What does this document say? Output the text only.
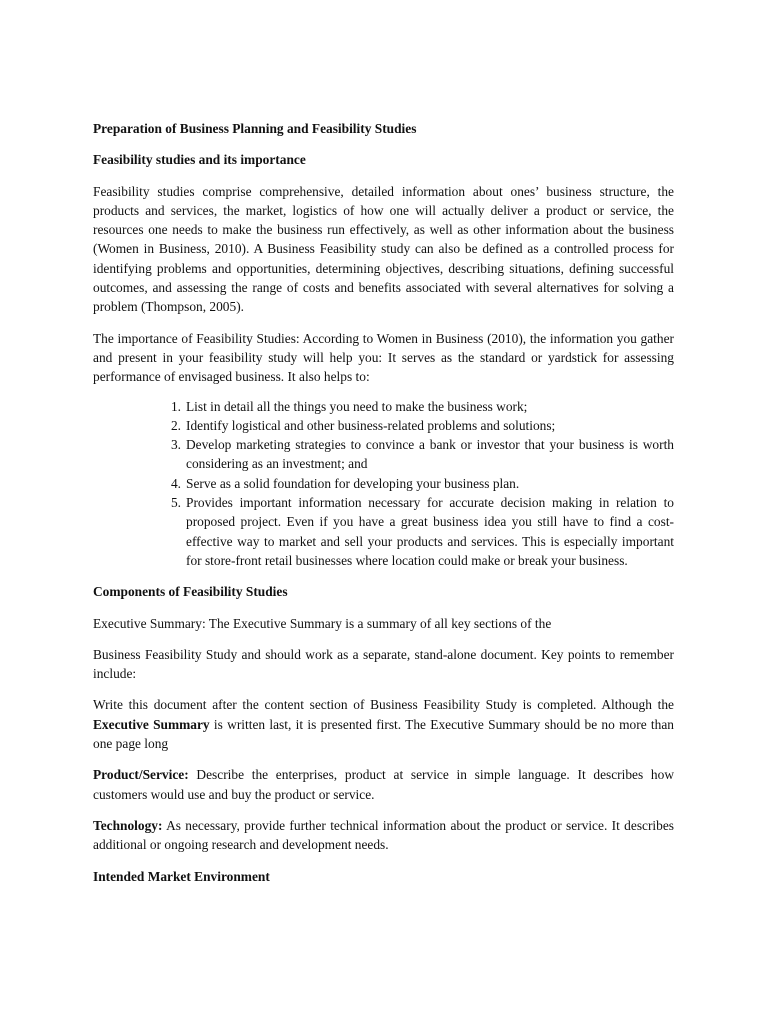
Preparation of Business Planning and Feasibility Studies

Feasibility studies and its importance

Feasibility studies comprise comprehensive, detailed information about ones’ business structure, the products and services, the market, logistics of how one will actually deliver a product or service, the resources one needs to make the business run effectively, as well as other information about the business (Women in Business, 2010). A Business Feasibility study can also be defined as a controlled process for identifying problems and opportunities, determining objectives, describing situations, defining successful outcomes, and assessing the range of costs and benefits associated with several alternatives for solving a problem (Thompson, 2005).

The importance of Feasibility Studies: According to Women in Business (2010), the information you gather and present in your feasibility study will help you: It serves as the standard or yardstick for assessing performance of envisaged business. It also helps to:

1. List in detail all the things you need to make the business work;
2. Identify logistical and other business-related problems and solutions;
3. Develop marketing strategies to convince a bank or investor that your business is worth considering as an investment; and
4. Serve as a solid foundation for developing your business plan.
5. Provides important information necessary for accurate decision making in relation to proposed project. Even if you have a great business idea you still have to find a cost-effective way to market and sell your products and services. This is especially important for store-front retail businesses where location could make or break your business.

Components of Feasibility Studies

Executive Summary: The Executive Summary is a summary of all key sections of the

Business Feasibility Study and should work as a separate, stand-alone document. Key points to remember include:

Write this document after the content section of Business Feasibility Study is completed. Although the Executive Summary is written last, it is presented first. The Executive Summary should be no more than one page long

Product/Service: Describe the enterprises, product at service in simple language. It describes how customers would use and buy the product or service.

Technology: As necessary, provide further technical information about the product or service. It describes additional or ongoing research and development needs.

Intended Market Environment
